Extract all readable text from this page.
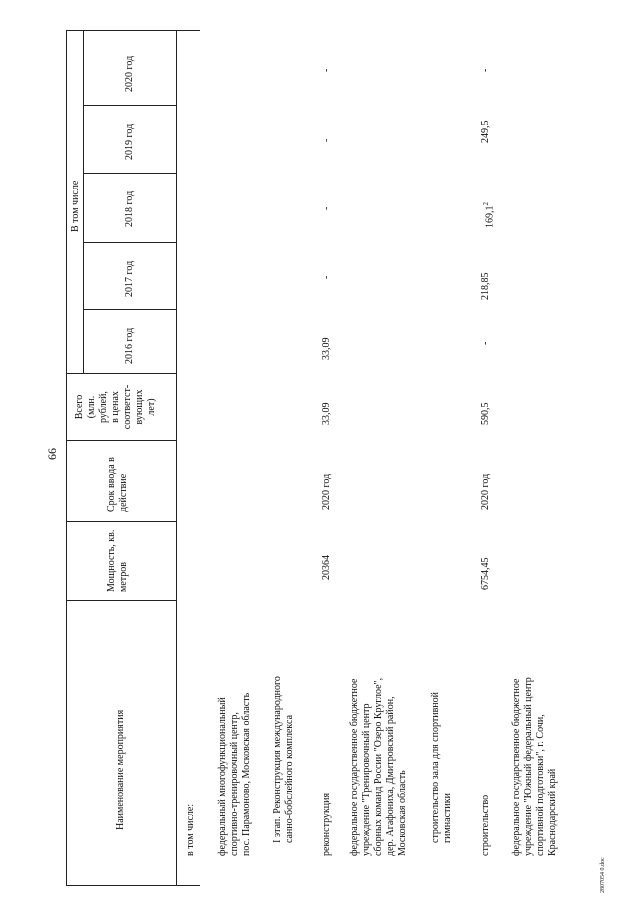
66
Наименование мероприятия
Мощность, кв. метров
Срок ввода в действие
Всего (млн. рублей, в ценах соответст- вующих лет)
В том числе
2016 год
2017 год
2018 год
2019 год
2020 год
в том числе: федеральный многофункциональный спортивно-тренировочный центр, пос. Парамоново, Московская область I этап. Реконструкция международного санно-бобслейного комплекса	реконструкция
20364
2020 год
33,09
33,09
-
-
-
-
федеральное государственное бюджетное учреждение "Тренировочный центр сборных команд России "Озеро Круглое", дер. Агафониха, Дмитровский район, Московская область строительство зала для спортивной гимнастики	строительство
6754,45
2020 год
590,5
-
218,85
169,1$^2$
249,5
-
федеральное государственное бюджетное учреждение "Южный федеральный центр спортивной подготовки", г. Сочи, Краснодарский край
2807054 0.doc
